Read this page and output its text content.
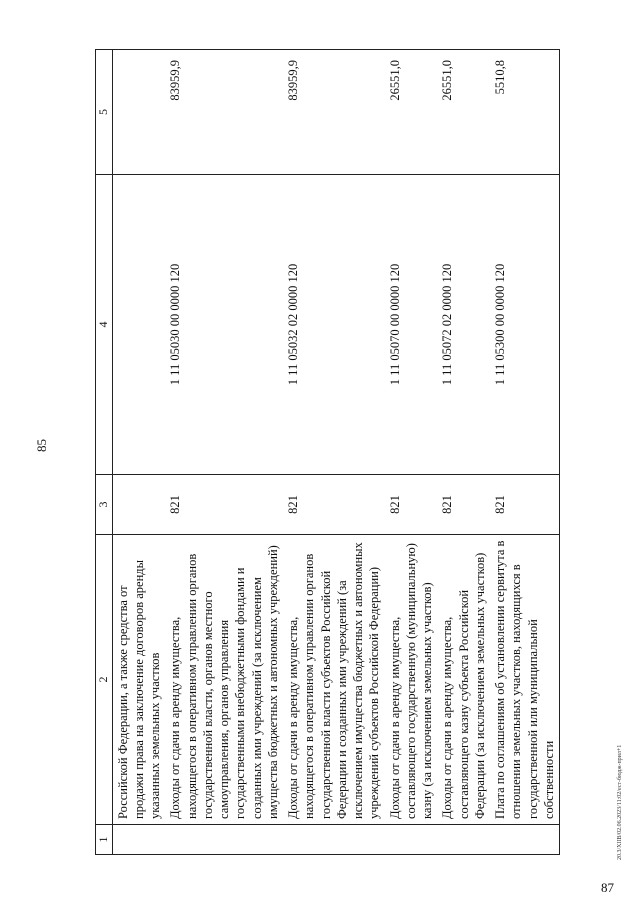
85
20.3/ХIIВ/02.06.2023/11:02/ест-бюдж-прил+1
1	2	3	4	5
	Российской Федерации, а также средства от продажи права на заключение договоров аренды указанных земельных участков			
	Доходы от сдачи в аренду имущества, находящегося в оперативном управлении органов государственной власти, органов местного самоуправления, органов управления государственными внебюджетными фондами и созданных ими учреждений (за исключением имущества бюджетных и автономных учреждений)	821	1 11 05030 00 0000 120	83959,9
	Доходы от сдачи в аренду имущества, находящегося в оперативном управлении органов государственной власти субъектов Российской Федерации и созданных ими учреждений (за исключением имущества бюджетных и автономных учреждений субъектов Российской Федерации)	821	1 11 05032 02 0000 120	83959,9
	Доходы от сдачи в аренду имущества, составляющего государственную (муниципальную) казну (за исключением земельных участков)	821	1 11 05070 00 0000 120	26551,0
	Доходы от сдачи в аренду имущества, составляющего казну субъекта Российской Федерации (за исключением земельных участков)	821	1 11 05072 02 0000 120	26551,0
	Плата по соглашениям об установлении сервитута в отношении земельных участков, находящихся в государственной или муниципальной собственности	821	1 11 05300 00 0000 120	5510,8
87
